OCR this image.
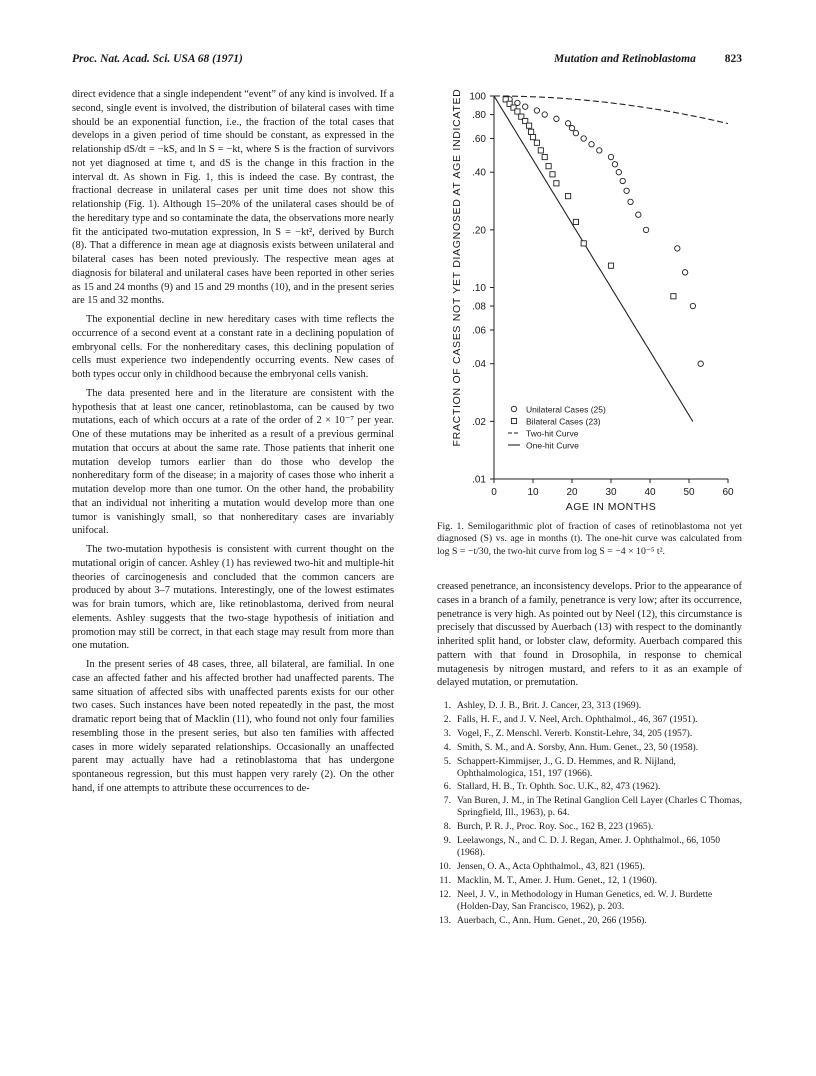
Proc. Nat. Acad. Sci. USA 68 (1971)	Mutation and Retinoblastoma	823

direct evidence that a single independent “event” of any kind is involved. If a second, single event is involved, the distribution of bilateral cases with time should be an exponential function, i.e., the fraction of the total cases that develops in a given period of time should be constant, as expressed in the relationship dS/dt = −kS, and ln S = −kt, where S is the fraction of survivors not yet diagnosed at time t, and dS is the change in this fraction in the interval dt. As shown in Fig. 1, this is indeed the case. By contrast, the fractional decrease in unilateral cases per unit time does not show this relationship (Fig. 1). Although 15–20% of the unilateral cases should be of the hereditary type and so contaminate the data, the observations more nearly fit the anticipated two-mutation expression, ln S = −kt², derived by Burch (8). That a difference in mean age at diagnosis exists between unilateral and bilateral cases has been noted previously. The respective mean ages at diagnosis for bilateral and unilateral cases have been reported in other series as 15 and 24 months (9) and 15 and 29 months (10), and in the present series are 15 and 32 months.

The exponential decline in new hereditary cases with time reflects the occurrence of a second event at a constant rate in a declining population of embryonal cells. For the nonhereditary cases, this declining population of cells must experience two independently occurring events. New cases of both types occur only in childhood because the embryonal cells vanish.

The data presented here and in the literature are consistent with the hypothesis that at least one cancer, retinoblastoma, can be caused by two mutations, each of which occurs at a rate of the order of 2 × 10⁻⁷ per year. One of these mutations may be inherited as a result of a previous germinal mutation that occurs at about the same rate. Those patients that inherit one mutation develop tumors earlier than do those who develop the nonhereditary form of the disease; in a majority of cases those who inherit a mutation develop more than one tumor. On the other hand, the probability that an individual not inheriting a mutation would develop more than one tumor is vanishingly small, so that nonhereditary cases are invariably unifocal.

The two-mutation hypothesis is consistent with current thought on the mutational origin of cancer. Ashley (1) has reviewed two-hit and multiple-hit theories of carcinogenesis and concluded that the common cancers are produced by about 3–7 mutations. Interestingly, one of the lowest estimates was for brain tumors, which are, like retinoblastoma, derived from neural elements. Ashley suggests that the two-stage hypothesis of initiation and promotion may still be correct, in that each stage may result from more than one mutation.

In the present series of 48 cases, three, all bilateral, are familial. In one case an affected father and his affected brother had unaffected parents. The same situation of affected sibs with unaffected parents exists for our other two cases. Such instances have been noted repeatedly in the past, the most dramatic report being that of Macklin (11), who found not only four families resembling those in the present series, but also ten families with affected cases in more widely separated relationships. Occasionally an unaffected parent may actually have had a retinoblastoma that has undergone spontaneous regression, but this must happen very rarely (2). On the other hand, if one attempts to attribute these occurrences to de-

100
.80
.60
.40
.20
.10
.08
.06
.04
.02
.01
0	10	20	30	40	50	60
AGE IN MONTHS
FRACTION OF CASES NOT YET DIAGNOSED AT AGE INDICATED	Unilateral Cases (25)
Bilateral Cases (23)
Two-hit Curve
One-hit Curve
Fig. 1. Semilogarithmic plot of fraction of cases of retinoblastoma not yet diagnosed (S) vs. age in months (t). The one-hit curve was calculated from log S = −t/30, the two-hit curve from log S = −4 × 10⁻⁵ t².
creased penetrance, an inconsistency develops. Prior to the appearance of cases in a branch of a family, penetrance is very low; after its occurrence, penetrance is very high. As pointed out by Neel (12), this circumstance is precisely that discussed by Auerbach (13) with respect to the dominantly inherited split hand, or lobster claw, deformity. Auerbach compared this pattern with that found in Drosophila, in response to chemical mutagenesis by nitrogen mustard, and refers to it as an example of delayed mutation, or premutation.
1. Ashley, D. J. B., Brit. J. Cancer, 23, 313 (1969).
2. Falls, H. F., and J. V. Neel, Arch. Ophthalmol., 46, 367 (1951).
3. Vogel, F., Z. Menschl. Vererb. Konstit-Lehre, 34, 205 (1957).
4. Smith, S. M., and A. Sorsby, Ann. Hum. Genet., 23, 50 (1958).
5. Schappert-Kimmijser, J., G. D. Hemmes, and R. Nijland, Ophthalmologica, 151, 197 (1966).
6. Stallard, H. B., Tr. Ophth. Soc. U.K., 82, 473 (1962).
7. Van Buren, J. M., in The Retinal Ganglion Cell Layer (Charles C Thomas, Springfield, Ill., 1963), p. 64.
8. Burch, P. R. J., Proc. Roy. Soc., 162 B, 223 (1965).
9. Leelawongs, N., and C. D. J. Regan, Amer. J. Ophthalmol., 66, 1050 (1968).
10. Jensen, O. A., Acta Ophthalmol., 43, 821 (1965).
11. Macklin, M. T., Amer. J. Hum. Genet., 12, 1 (1960).
12. Neel, J. V., in Methodology in Human Genetics, ed. W. J. Burdette (Holden-Day, San Francisco, 1962), p. 203.
13. Auerbach, C., Ann. Hum. Genet., 20, 266 (1956).
